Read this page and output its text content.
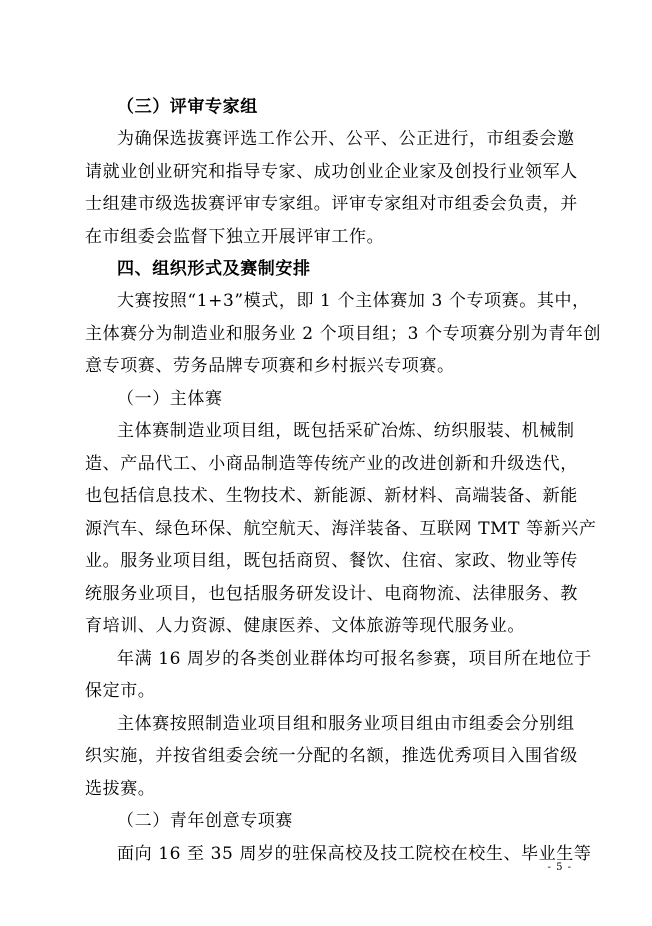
（三）评审专家组
为确保选拔赛评选工作公开、公平、公正进行，市组委会邀
请就业创业研究和指导专家、成功创业企业家及创投行业领军人
士组建市级选拔赛评审专家组。评审专家组对市组委会负责，并
在市组委会监督下独立开展评审工作。
四、组织形式及赛制安排
大赛按照“1+3”模式，即 1 个主体赛加 3 个专项赛。其中，
主体赛分为制造业和服务业 2 个项目组；3 个专项赛分别为青年创
意专项赛、劳务品牌专项赛和乡村振兴专项赛。
（一）主体赛
主体赛制造业项目组，既包括采矿冶炼、纺织服装、机械制
造、产品代工、小商品制造等传统产业的改进创新和升级迭代，
也包括信息技术、生物技术、新能源、新材料、高端装备、新能
源汽车、绿色环保、航空航天、海洋装备、互联网 TMT 等新兴产
业。服务业项目组，既包括商贸、餐饮、住宿、家政、物业等传
统服务业项目，也包括服务研发设计、电商物流、法律服务、教
育培训、人力资源、健康医养、文体旅游等现代服务业。
年满 16 周岁的各类创业群体均可报名参赛，项目所在地位于
保定市。
主体赛按照制造业项目组和服务业项目组由市组委会分别组
织实施，并按省组委会统一分配的名额，推选优秀项目入围省级
选拔赛。
（二）青年创意专项赛
面向 16 至 35 周岁的驻保高校及技工院校在校生、毕业生等
- 5 -
